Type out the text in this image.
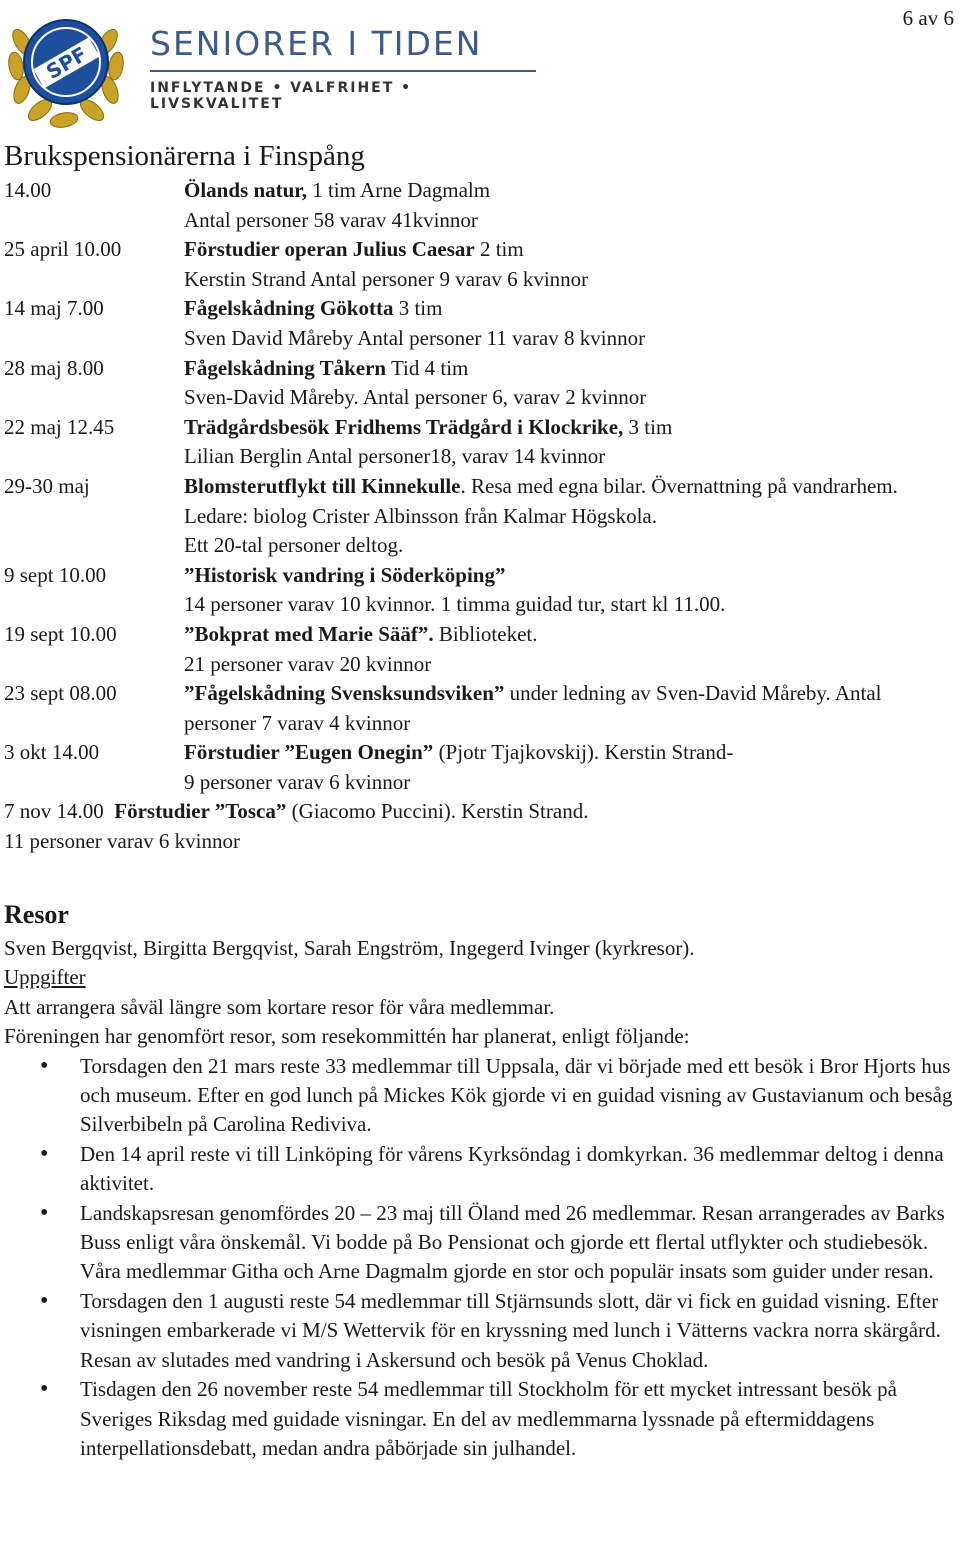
6 av 6
SPF SENIORER I TIDEN
INFLYTANDE • VALFRIHET • LIVSKVALITET
Brukspensionärerna i Finspång
14.00	Ölands natur, 1 tim Arne Dagmalm
Antal personer 58 varav 41kvinnor
25 april 10.00	Förstudier operan Julius Caesar 2 tim
Kerstin Strand Antal personer 9 varav 6 kvinnor
14 maj 7.00	Fågelskådning Gökotta 3 tim
Sven David Måreby Antal personer 11 varav 8 kvinnor
28 maj 8.00	Fågelskådning Tåkern Tid 4 tim
Sven-David Måreby. Antal personer 6, varav 2 kvinnor
22 maj 12.45	Trädgårdsbesök Fridhems Trädgård i Klockrike, 3 tim
Lilian Berglin Antal personer18, varav 14 kvinnor
29-30 maj	Blomsterutflykt till Kinnekulle. Resa med egna bilar. Övernattning på vandrarhem. Ledare: biolog Crister Albinsson från Kalmar Högskola.
Ett 20-tal personer deltog.
9 sept 10.00	”Historisk vandring i Söderköping”
14 personer varav 10 kvinnor. 1 timma guidad tur, start kl 11.00.
19 sept 10.00	”Bokprat med Marie Sääf”. Biblioteket.
21 personer varav 20 kvinnor
23 sept 08.00	”Fågelskådning Svensksundsviken” under ledning av Sven-David Måreby. Antal personer 7 varav 4 kvinnor
3 okt 14.00	Förstudier ”Eugen Onegin” (Pjotr Tjajkovskij). Kerstin Strand-
9 personer varav 6 kvinnor
7 nov 14.00 Förstudier ”Tosca” (Giacomo Puccini). Kerstin Strand.
11 personer varav 6 kvinnor
Resor
Sven Bergqvist, Birgitta Bergqvist, Sarah Engström, Ingegerd Ivinger (kyrkresor).
Uppgifter
Att arrangera såväl längre som kortare resor för våra medlemmar.
Föreningen har genomfört resor, som resekommittén har planerat, enligt följande:
• Torsdagen den 21 mars reste 33 medlemmar till Uppsala, där vi började med ett besök i Bror Hjorts hus och museum. Efter en god lunch på Mickes Kök gjorde vi en guidad visning av Gustavianum och besåg Silverbibeln på Carolina Rediviva.
• Den 14 april reste vi till Linköping för vårens Kyrksöndag i domkyrkan. 36 medlemmar deltog i denna aktivitet.
• Landskapsresan genomfördes 20 – 23 maj till Öland med 26 medlemmar. Resan arrangerades av Barks Buss enligt våra önskemål. Vi bodde på Bo Pensionat och gjorde ett flertal utflykter och studiebesök. Våra medlemmar Githa och Arne Dagmalm gjorde en stor och populär insats som guider under resan.
• Torsdagen den 1 augusti reste 54 medlemmar till Stjärnsunds slott, där vi fick en guidad visning. Efter visningen embarkerade vi M/S Wettervik för en kryssning med lunch i Vätterns vackra norra skärgård. Resan av slutades med vandring i Askersund och besök på Venus Choklad.
• Tisdagen den 26 november reste 54 medlemmar till Stockholm för ett mycket intressant besök på Sveriges Riksdag med guidade visningar. En del av medlemmarna lyssnade på eftermiddagens interpellationsdebatt, medan andra påbörjade sin julhandel.
